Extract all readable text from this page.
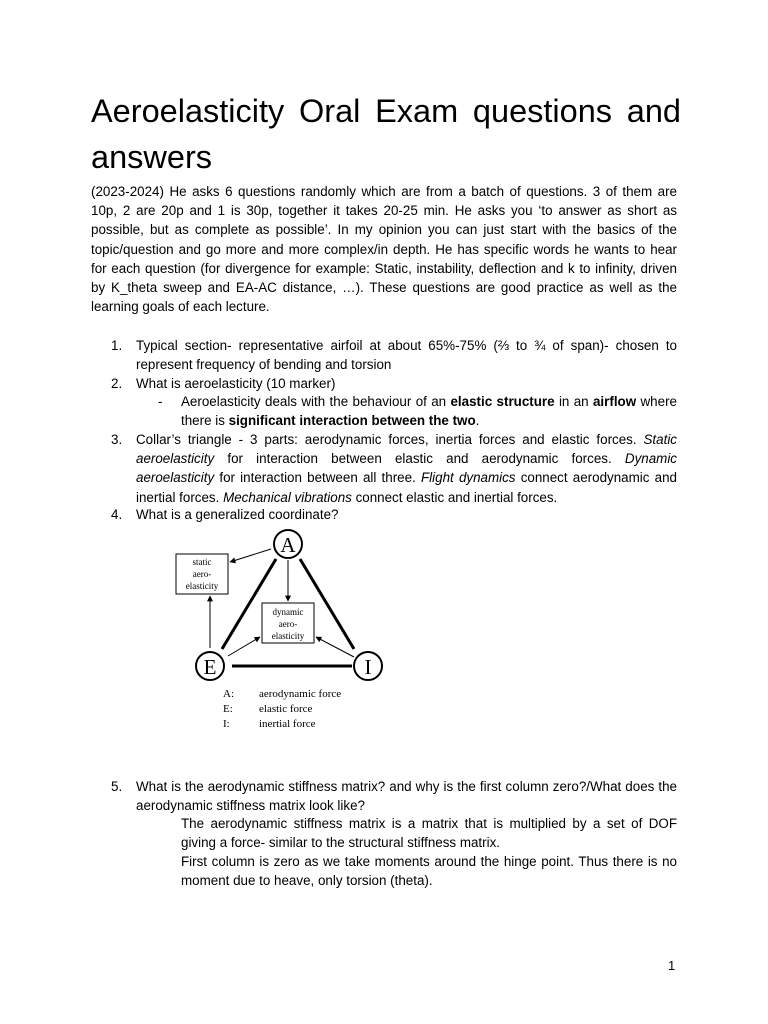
Aeroelasticity Oral Exam questions and
answers

(2023-2024) He asks 6 questions randomly which are from a batch of questions. 3 of them are 10p, 2 are 20p and 1 is 30p, together it takes 20-25 min. He asks you ‘to answer as short as possible, but as complete as possible’. In my opinion you can just start with the basics of the topic/question and go more and more complex/in depth. He has specific words he wants to hear for each question (for divergence for example: Static, instability, deflection and k to infinity, driven by K_theta sweep and EA-AC distance, …). These questions are good practice as well as the learning goals of each lecture.

1. Typical section- representative airfoil at about 65%-75% (⅔ to ¾ of span)- chosen to represent frequency of bending and torsion
2. What is aeroelasticity (10 marker)
- Aeroelasticity deals with the behaviour of an elastic structure in an airflow where there is significant interaction between the two.
3. Collar’s triangle - 3 parts: aerodynamic forces, inertia forces and elastic forces. Static aeroelasticity for interaction between elastic and aerodynamic forces. Dynamic aeroelasticity for interaction between all three. Flight dynamics connect aerodynamic and inertial forces. Mechanical vibrations connect elastic and inertial forces.
4. What is a generalized coordinate?
static
aero-
elasticity
dynamic
aero-
elasticity
A
E	I
A: aerodynamic force
E: elastic force
I:	inertial force
5. What is the aerodynamic stiffness matrix? and why is the first column zero?/What does the aerodynamic stiffness matrix look like?
The aerodynamic stiffness matrix is a matrix that is multiplied by a set of DOF giving a force- similar to the structural stiffness matrix.
First column is zero as we take moments around the hinge point. Thus there is no moment due to heave, only torsion (theta).
1
